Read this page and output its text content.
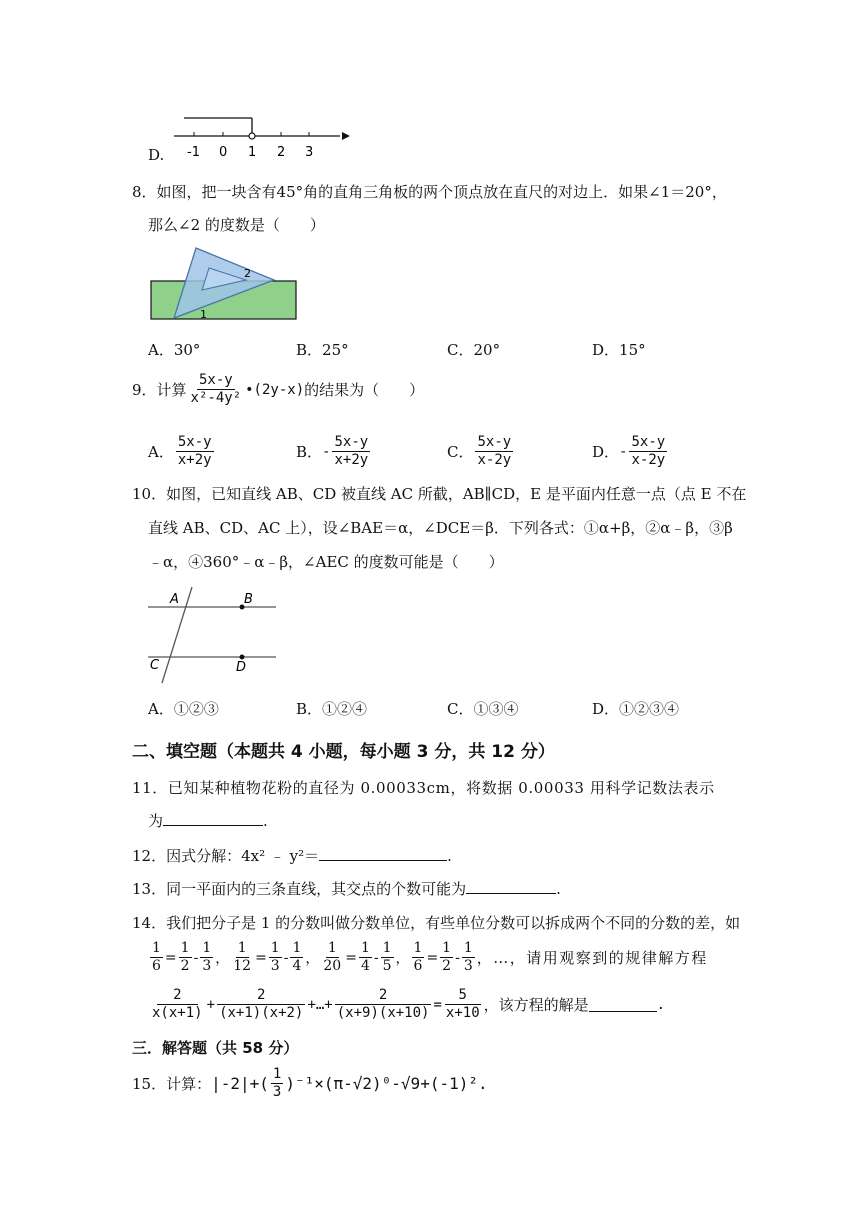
D. -1 0 1 2 3
8．如图，把一块含有45°角的直角三角板的两个顶点放在直尺的对边上．如果∠1＝20°，
那么∠2 的度数是（　　）
2
1
A．30°	B．25°	C．20°	D．15°
9．计算 $\frac{5x-y}{\text{x²-4y²}}$ •(2y-x) 的结果为（　　）
A． $\frac{5x-y}{x+2y}$	B． - $\frac{5x-y}{x+2y}$	C． $\frac{5x-y}{x-2y}$	D． - $\frac{5x-y}{x-2y}$
10．如图，已知直线 AB、CD 被直线 AC 所截，AB∥CD，E 是平面内任意一点（点 E 不在
直线 AB、CD、AC 上），设∠BAE＝α，∠DCE＝β．下列各式：①α+β，②α﹣β，③β
﹣α，④360°﹣α﹣β，∠AEC 的度数可能是（　　）
A	B
C	D
A．①②③	B．①②④	C．①③④	D．①②③④
二、填空题（本题共 4 小题，每小题 3 分，共 12 分）
11．已知某种植物花粉的直径为 0.00033cm，将数据 0.00033 用科学记数法表示
为	.
12．因式分解：4x² ﹣ y²＝	.
13．同一平面内的三条直线，其交点的个数可能为	.
14．我们把分子是 1 的分数叫做分数单位，有些单位分数可以拆成两个不同的分数的差，如
$\frac{1}{6} = \frac{1}{2} - \frac{1}{3}$ ， $\frac{1}{12} = \frac{1}{3} - \frac{1}{4}$ ， $\frac{1}{20} = \frac{1}{4} - \frac{1}{5}$ ， $\frac{1}{6} = \frac{1}{2} - \frac{1}{3}$ ，…，请用观察到的规律解方程
$\frac{2}{x(x+1)} + \frac{2}{(x+1)(x+2)}$ +…+ $\frac{2}{(x+9)(x+10)} = \frac{5}{x+10}$ ，该方程的解是	.
三．解答题（共 58 分）
15．计算： $|-2|+( \frac{1}{3} )^{-1}\times(\pi-√2)^0-√9+(-1)^2$.
